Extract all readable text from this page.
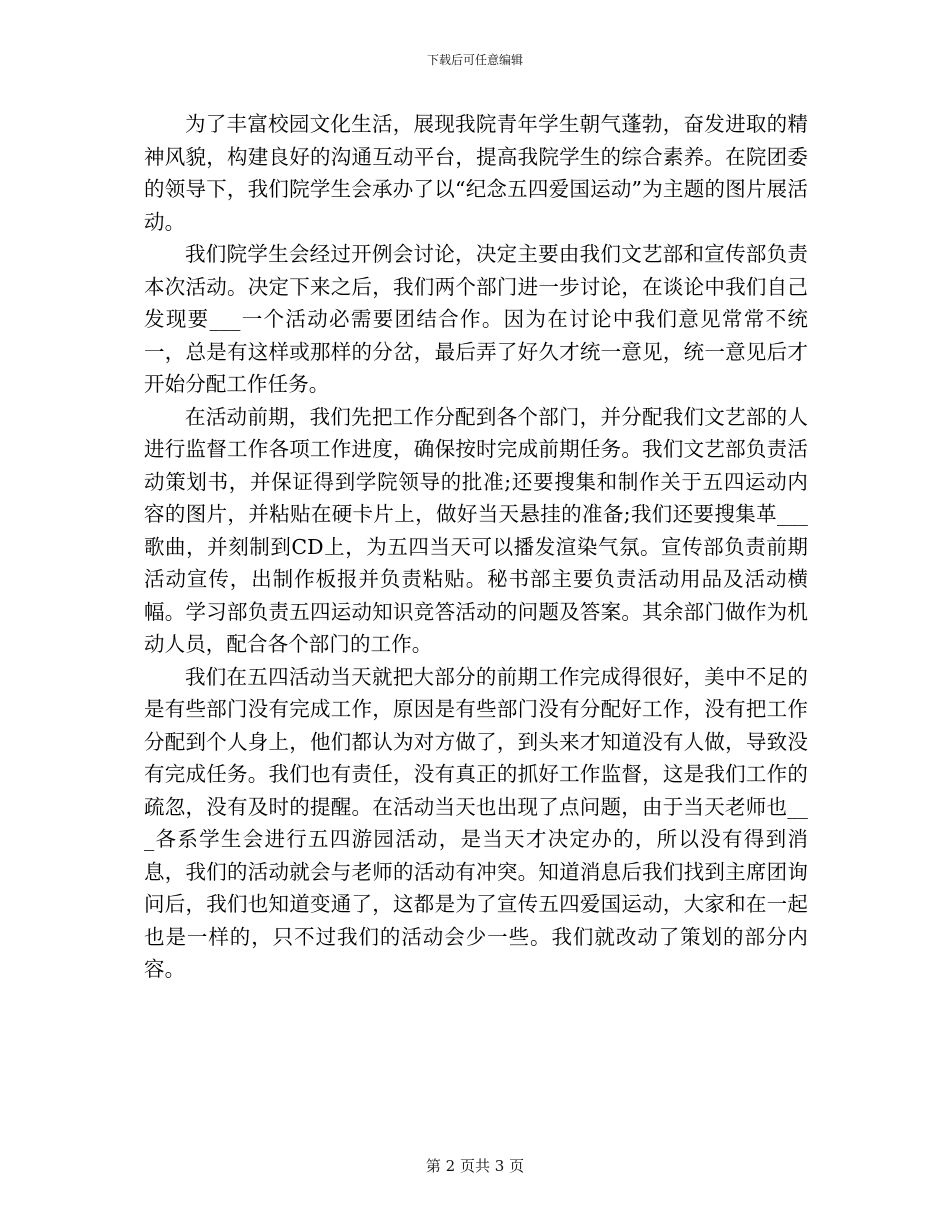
下载后可任意编辑

为了丰富校园文化生活，展现我院青年学生朝气蓬勃，奋发进取的精神风貌，构建良好的沟通互动平台，提高我院学生的综合素养。在院团委的领导下，我们院学生会承办了以“纪念五四爱国运动”为主题的图片展活动。

我们院学生会经过开例会讨论，决定主要由我们文艺部和宣传部负责本次活动。决定下来之后，我们两个部门进一步讨论，在谈论中我们自己发现要___一个活动必需要团结合作。因为在讨论中我们意见常常不统一，总是有这样或那样的分岔，最后弄了好久才统一意见，统一意见后才开始分配工作任务。

在活动前期，我们先把工作分配到各个部门，并分配我们文艺部的人进行监督工作各项工作进度，确保按时完成前期任务。我们文艺部负责活动策划书，并保证得到学院领导的批准;还要搜集和制作关于五四运动内容的图片，并粘贴在硬卡片上，做好当天悬挂的准备;我们还要搜集革___歌曲，并刻制到CD上，为五四当天可以播发渲染气氛。宣传部负责前期活动宣传，出制作板报并负责粘贴。秘书部主要负责活动用品及活动横幅。学习部负责五四运动知识竞答活动的问题及答案。其余部门做作为机动人员，配合各个部门的工作。

我们在五四活动当天就把大部分的前期工作完成得很好，美中不足的是有些部门没有完成工作，原因是有些部门没有分配好工作，没有把工作分配到个人身上，他们都认为对方做了，到头来才知道没有人做，导致没有完成任务。我们也有责任，没有真正的抓好工作监督，这是我们工作的疏忽，没有及时的提醒。在活动当天也出现了点问题，由于当天老师也___各系学生会进行五四游园活动，是当天才决定办的，所以没有得到消息，我们的活动就会与老师的活动有冲突。知道消息后我们找到主席团询问后，我们也知道变通了，这都是为了宣传五四爱国运动，大家和在一起也是一样的，只不过我们的活动会少一些。我们就改动了策划的部分内容。

第 2 页共 3 页
